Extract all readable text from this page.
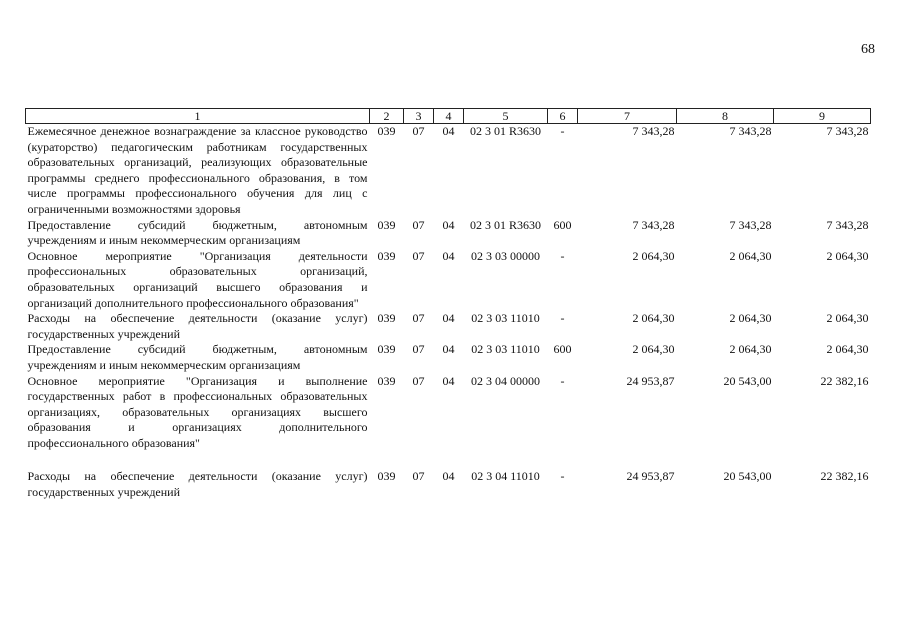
68
1	2	3	4	5	6	7	8	9
Ежемесячное денежное вознаграждение за классное руководство (кураторство) педагогическим работникам государственных образовательных организаций, реализующих образовательные программы среднего профессионального образования, в том числе программы профессионального обучения для лиц с ограниченными возможностями здоровья	039	07	04	02 3 01 R3630	-	7 343,28	7 343,28	7 343,28
Предоставление субсидий бюджетным, автономным учреждениям и иным некоммерческим организациям	039	07	04	02 3 01 R3630	600	7 343,28	7 343,28	7 343,28
Основное мероприятие "Организация деятельности профессиональных образовательных организаций, образовательных организаций высшего образования и организаций дополнительного профессионального образования"	039	07	04	02 3 03 00000	-	2 064,30	2 064,30	2 064,30
Расходы на обеспечение деятельности (оказание услуг) государственных учреждений	039	07	04	02 3 03 11010	-	2 064,30	2 064,30	2 064,30
Предоставление субсидий бюджетным, автономным учреждениям и иным некоммерческим организациям	039	07	04	02 3 03 11010	600	2 064,30	2 064,30	2 064,30
Основное мероприятие "Организация и выполнение государственных работ в профессиональных образовательных организациях, образовательных организациях высшего образования и организациях дополнительного профессионального образования"	039	07	04	02 3 04 00000	-	24 953,87	20 543,00	22 382,16

Расходы на обеспечение деятельности (оказание услуг) государственных учреждений	039	07	04	02 3 04 11010	-	24 953,87	20 543,00	22 382,16
